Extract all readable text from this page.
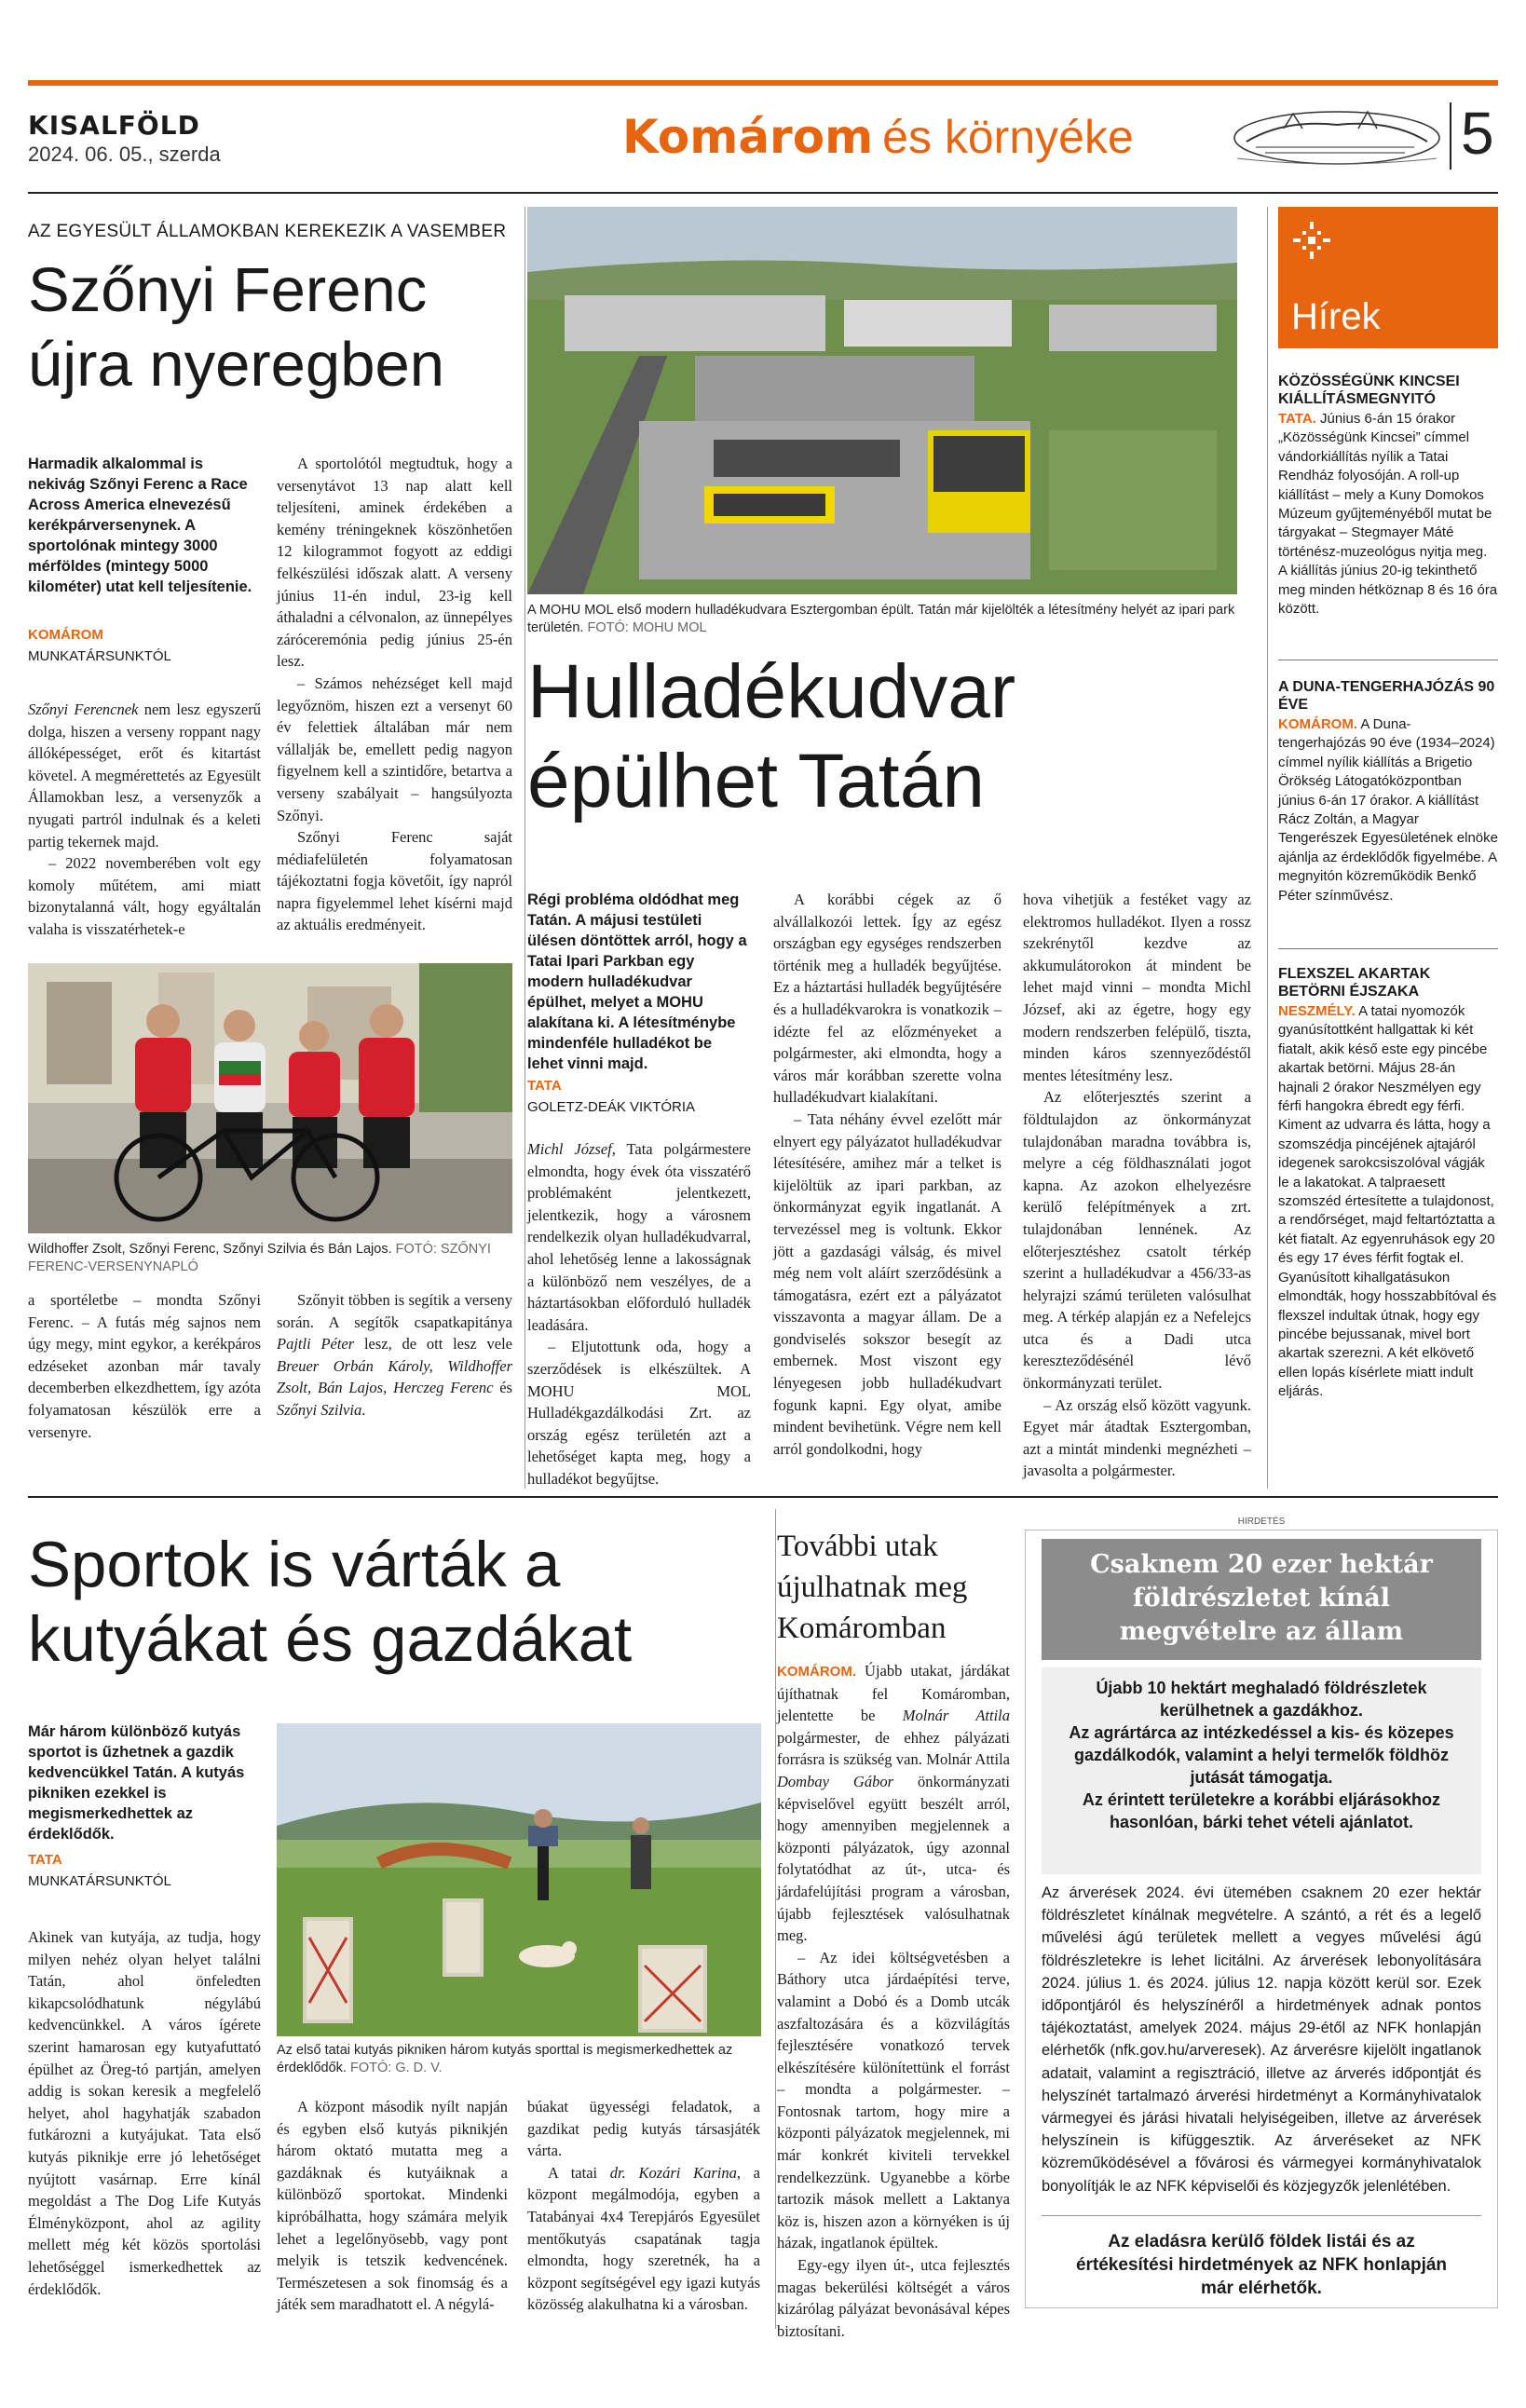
KISALFÖLD
2024. 06. 05., szerda	Komárom és környéke	5
AZ EGYESÜLT ÁLLAMOKBAN KEREKEZIK A VASEMBER
Szőnyi Ferenc újra nyeregben
Harmadik alkalommal is nekivág Szőnyi Ferenc a Race Across America elnevezésű kerékpárversenynek. A sportolónak mintegy 3000 mérföldes (mintegy 5000 kilométer) utat kell teljesítenie.
KOMÁROM
MUNKATÁRSUNKTÓL

Szőnyi Ferencnek nem lesz egyszerű dolga, hiszen a verseny roppant nagy állóképességet, erőt és kitartást követel. A megmérettetés az Egyesült Államokban lesz, a versenyzők a nyugati partról indulnak és a keleti partig tekernek majd.

– 2022 novemberében volt egy komoly műtétem, ami miatt bizonytalanná vált, hogy egyáltalán valaha is visszatérhetek-e

A sportolótól megtudtuk, hogy a versenytávot 13 nap alatt kell teljesíteni, aminek érdekében a kemény tréningeknek köszönhetően 12 kilogrammot fogyott az eddigi felkészülési időszak alatt. A verseny június 11-én indul, 23-ig kell áthaladni a célvonalon, az ünnepélyes záróceremónia pedig június 25-én lesz.

– Számos nehézséget kell majd legyőznöm, hiszen ezt a versenyt 60 év felettiek általában már nem vállalják be, emellett pedig nagyon figyelnem kell a szintidőre, betartva a verseny szabályait – hangsúlyozta Szőnyi.

Szőnyi Ferenc saját médiafelületén folyamatosan tájékoztatni fogja követőit, így napról napra figyelemmel lehet kísérni majd az aktuális eredményeit.

Wildhoffer Zsolt, Szőnyi Ferenc, Szőnyi Szilvia és Bán Lajos. FOTÓ: SZŐNYI FERENC-VERSENYNAPLÓ

a sportéletbe – mondta Szőnyi Ferenc. – A futás még sajnos nem úgy megy, mint egykor, a kerékpáros edzéseket azonban már tavaly decemberben elkezdhettem, így azóta folyamatosan készülök erre a versenyre.

Szőnyit többen is segítik a verseny során. A segítők csapatkapitánya Pajtli Péter lesz, de ott lesz vele Breuer Orbán Károly, Wildhoffer Zsolt, Bán Lajos, Herczeg Ferenc és Szőnyi Szilvia.

A MOHU MOL első modern hulladékudvara Esztergomban épült. Tatán már kijelölték a létesítmény helyét az ipari park területén. FOTÓ: MOHU MOL
Hulladékudvar épülhet Tatán
Régi probléma oldódhat meg Tatán. A májusi testületi ülésen döntöttek arról, hogy a Tatai Ipari Parkban egy modern hulladékudvar épülhet, melyet a MOHU alakítana ki. A létesítménybe mindenféle hulladékot be lehet vinni majd.
TATA
GOLETZ-DEÁK VIKTÓRIA

Michl József, Tata polgármestere elmondta, hogy évek óta visszatérő problémaként jelentkezett, jelentkezik, hogy a városnem rendelkezik olyan hulladékudvarral, ahol lehetőség lenne a lakosságnak a különböző nem veszélyes, de a háztartásokban előforduló hulladék leadására.

– Eljutottunk oda, hogy a szerződések is elkészültek. A MOHU MOL Hulladékgazdálkodási Zrt. az ország egész területén azt a lehetőséget kapta meg, hogy a hulladékot begyűjtse.

A korábbi cégek az ő alvállalkozói lettek. Így az egész országban egy egységes rendszerben történik meg a hulladék begyűjtése. Ez a háztartási hulladék begyűjtésére és a hulladékvarokra is vonatkozik – idézte fel az előzményeket a polgármester, aki elmondta, hogy a város már korábban szerette volna hulladékudvart kialakítani.

– Tata néhány évvel ezelőtt már elnyert egy pályázatot hulladékudvar létesítésére, amihez már a telket is kijelöltük az ipari parkban, az önkormányzat egyik ingatlanát. A tervezéssel meg is voltunk. Ekkor jött a gazdasági válság, és mivel még nem volt aláírt szerződésünk a támogatásra, ezért ezt a pályázatot visszavonta a magyar állam. De a gondviselés sokszor besegít az embernek. Most viszont egy lényegesen jobb hulladékudvart fogunk kapni. Egy olyat, amibe mindent bevihetünk. Végre nem kell arról gondolkodni, hogy

hova vihetjük a festéket vagy az elektromos hulladékot. Ilyen a rossz szekrénytől kezdve az akkumulátorokon át mindent be lehet majd vinni – mondta Michl József, aki az égetre, hogy egy modern rendszerben felépülő, tiszta, minden káros szennyeződéstől mentes létesítmény lesz.

Az előterjesztés szerint a földtulajdon az önkormányzat tulajdonában maradna továbbra is, melyre a cég földhasználati jogot kapna. Az azokon elhelyezésre kerülő felépítmények a zrt. tulajdonában lennének. Az előterjesztéshez csatolt térkép szerint a hulladékudvar a 456/33-as helyrajzi számú területen valósulhat meg. A térkép alapján ez a Nefelejcs utca és a Dadi utca kereszteződésénél lévő önkormányzati terület.

– Az ország első között vagyunk. Egyet már átadtak Esztergomban, azt a mintát mindenki megnézheti – javasolta a polgármester.

Hírek
KÖZÖSSÉGÜNK KINCSEI KIÁLLÍTÁSMEGNYITÓ
TATA. Június 6-án 15 órakor „Közösségünk Kincsei” címmel vándorkiállítás nyílik a Tatai Rendház folyosóján. A roll-up kiállítást – mely a Kuny Domokos Múzeum gyűjteményéből mutat be tárgyakat – Stegmayer Máté történész-muzeológus nyitja meg. A kiállítás június 20-ig tekinthető meg minden hétköznap 8 és 16 óra között.
A DUNA-TENGERHAJÓZÁS 90 ÉVE
KOMÁROM. A Duna-tengerhajózás 90 éve (1934–2024) címmel nyílik kiállítás a Brigetio Örökség Látogatóközpontban június 6-án 17 órakor. A kiállítást Rácz Zoltán, a Magyar Tengerészek Egyesületének elnöke ajánlja az érdeklődők figyelmébe. A megnyitón közreműködik Benkő Péter színművész.
FLEXSZEL AKARTAK BETÖRNI ÉJSZAKA
NESZMÉLY. A tatai nyomozók gyanúsítottként hallgattak ki két fiatalt, akik késő este egy pincébe akartak betörni. Május 28-án hajnali 2 órakor Neszmélyen egy férfi hangokra ébredt egy férfi. Kiment az udvarra és látta, hogy a szomszédja pincéjének ajtajáról idegenek sarokcsiszolóval vágják le a lakatokat. A talpraesett szomszéd értesítette a tulajdonost, a rendőrséget, majd feltartóztatta a két fiatalt. Az egyenruhások egy 20 és egy 17 éves férfit fogtak el. Gyanúsított kihallgatásukon elmondták, hogy hosszabbítóval és flexszel indultak útnak, hogy egy pincébe bejussanak, mivel bort akartak szerezni. A két elkövető ellen lopás kísérlete miatt indult eljárás.
Sportok is várták a kutyákat és gazdákat
Már három különböző kutyás sportot is űzhetnek a gazdik kedvencükkel Tatán. A kutyás pikniken ezekkel is megismerkedhettek az érdeklődők.
TATA
MUNKATÁRSUNKTÓL

Akinek van kutyája, az tudja, hogy milyen nehéz olyan helyet találni Tatán, ahol önfeledten kikapcsolódhatunk négylábú kedvencünkkel. A város ígérete szerint hamarosan egy kutyafuttató épülhet az Öreg-tó partján, amelyen addig is sokan keresik a megfelelő helyet, ahol hagyhatják szabadon futkározni a kutyájukat. Tata első kutyás piknikje erre jó lehetőséget nyújtott vasárnap. Erre kínál megoldást a The Dog Life Kutyás Élményközpont, ahol az agility mellett még két közös sportolási lehetőséggel ismerkedhettek az érdeklődők.

Az első tatai kutyás pikniken három kutyás sporttal is megismerkedhettek az érdeklődők. FOTÓ: G. D. V.

A központ második nyílt napján és egyben első kutyás piknikjén három oktató mutatta meg a gazdáknak és kutyáiknak a különböző sportokat. Mindenki kipróbálhatta, hogy számára melyik lehet a legelőnyösebb, vagy pont melyik is tetszik kedvencének. Természetesen a sok finomság és a játék sem maradhatott el. A négylá-

búakat ügyességi feladatok, a gazdikat pedig kutyás társasjáték várta.

A tatai dr. Kozári Karina, a központ megálmodója, egyben a Tatabányai 4x4 Terepjárós Egyesület mentőkutyás csapatának tagja elmondta, hogy szeretnék, ha a központ segítségével egy igazi kutyás közösség alakulhatna ki a városban.

További utak újulhatnak meg Komáromban

KOMÁROM. Újabb utakat, járdákat újíthatnak fel Komáromban, jelentette be Molnár Attila polgármester, de ehhez pályázati forrásra is szükség van. Molnár Attila Dombay Gábor önkormányzati képviselővel együtt beszélt arról, hogy amennyiben megjelennek a központi pályázatok, úgy azonnal folytatódhat az út-, utca- és járdafelújítási program a városban, újabb fejlesztések valósulhatnak meg.

– Az idei költségvetésben a Báthory utca járdaépítési terve, valamint a Dobó és a Domb utcák aszfaltozására és a közvilágítás fejlesztésére vonatkozó tervek elkészítésére különítettünk el forrást – mondta a polgármester. – Fontosnak tartom, hogy mire a központi pályázatok megjelennek, mi már konkrét kiviteli tervekkel rendelkezzünk. Ugyanebbe a körbe tartozik mások mellett a Laktanya köz is, hiszen azon a környéken is új házak, ingatlanok épültek.

Egy-egy ilyen út-, utca fejlesztés magas bekerülési költségét a város kizárólag pályázat bevonásával képes biztosítani.

HIRDETÉS
Csaknem 20 ezer hektár földrészletet kínál megvételre az állam
Újabb 10 hektárt meghaladó földrészletek kerülhetnek a gazdákhoz.
Az agrártárca az intézkedéssel a kis- és közepes gazdálkodók, valamint a helyi termelők földhöz jutását támogatja.
Az érintett területekre a korábbi eljárásokhoz hasonlóan, bárki tehet vételi ajánlatot.
Az árverések 2024. évi ütemében csaknem 20 ezer hektár földrészletet kínálnak megvételre. A szántó, a rét és a legelő művelési ágú területek mellett a vegyes művelési ágú földrészletekre is lehet licitálni. Az árverések lebonyolítására 2024. július 1. és 2024. július 12. napja között kerül sor. Ezek időpontjáról és helyszínéről a hirdetmények adnak pontos tájékoztatást, amelyek 2024. május 29-étől az NFK honlapján elérhetők (nfk.gov.hu/arveresek). Az árverésre kijelölt ingatlanok adatait, valamint a regisztráció, illetve az árverés időpontját és helyszínét tartalmazó árverési hirdetményt a Kormányhivatalok vármegyei és járási hivatali helyiségeiben, illetve az árverések helyszínein is kifüggesztik. Az árveréseket az NFK közreműködésével a fővárosi és vármegyei kormányhivatalok bonyolítják le az NFK képviselői és közjegyzők jelenlétében.
Az eladásra kerülő földek listái és az értékesítési hirdetmények az NFK honlapján már elérhetők.
